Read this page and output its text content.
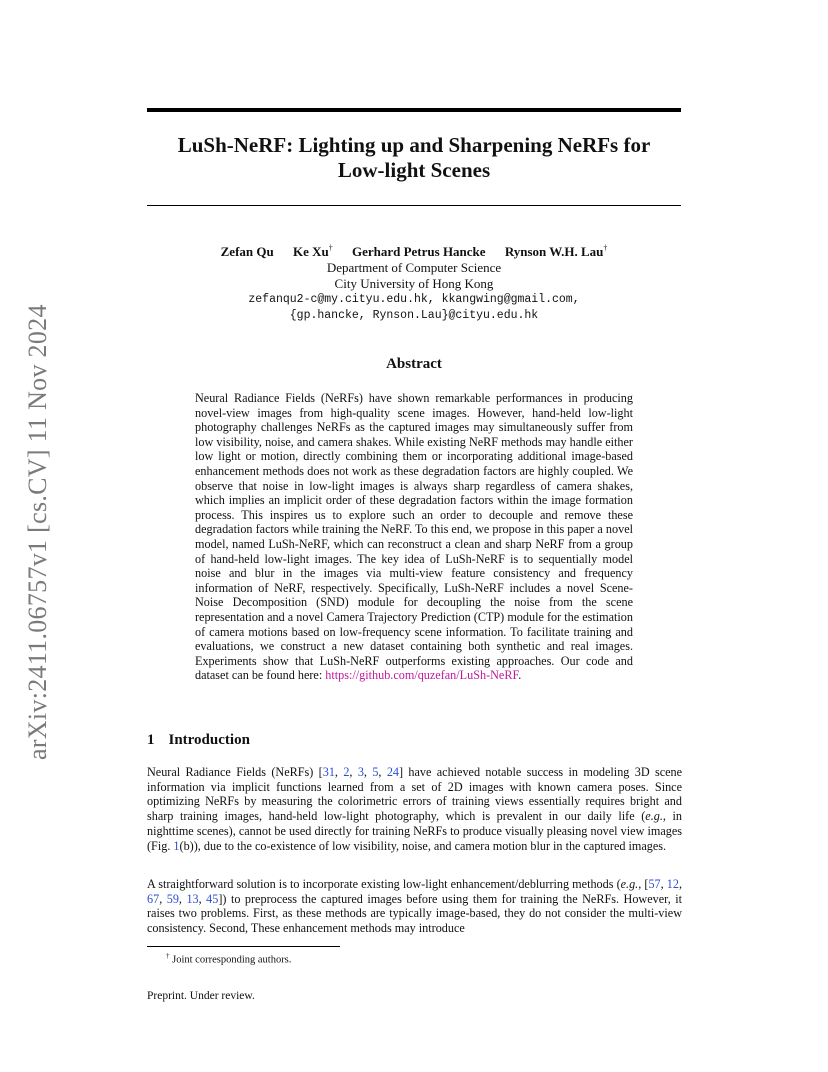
arXiv:2411.06757v1 [cs.CV] 11 Nov 2024
LuSh-NeRF: Lighting up and Sharpening NeRFs for
Low-light Scenes
Zefan Qu Ke Xu† Gerhard Petrus Hancke Rynson W.H. Lau†
Department of Computer Science
City University of Hong Kong
zefanqu2-c@my.cityu.edu.hk, kkangwing@gmail.com,
{gp.hancke, Rynson.Lau}@cityu.edu.hk
Abstract
Neural Radiance Fields (NeRFs) have shown remarkable performances in producing novel-view images from high-quality scene images. However, hand-held low-light photography challenges NeRFs as the captured images may simultaneously suffer from low visibility, noise, and camera shakes. While existing NeRF methods may handle either low light or motion, directly combining them or incorporating additional image-based enhancement methods does not work as these degradation factors are highly coupled. We observe that noise in low-light images is always sharp regardless of camera shakes, which implies an implicit order of these degradation factors within the image formation process. This inspires us to explore such an order to decouple and remove these degradation factors while training the NeRF. To this end, we propose in this paper a novel model, named LuSh-NeRF, which can reconstruct a clean and sharp NeRF from a group of hand-held low-light images. The key idea of LuSh-NeRF is to sequentially model noise and blur in the images via multi-view feature consistency and frequency information of NeRF, respectively. Specifically, LuSh-NeRF includes a novel Scene-Noise Decomposition (SND) module for decoupling the noise from the scene representation and a novel Camera Trajectory Prediction (CTP) module for the estimation of camera motions based on low-frequency scene information. To facilitate training and evaluations, we construct a new dataset containing both synthetic and real images. Experiments show that LuSh-NeRF outperforms existing approaches. Our code and dataset can be found here: https://github.com/quzefan/LuSh-NeRF.
1 Introduction
Neural Radiance Fields (NeRFs) [31, 2, 3, 5, 24] have achieved notable success in modeling 3D scene information via implicit functions learned from a set of 2D images with known camera poses. Since optimizing NeRFs by measuring the colorimetric errors of training views essentially requires bright and sharp training images, hand-held low-light photography, which is prevalent in our daily life (e.g., in nighttime scenes), cannot be used directly for training NeRFs to produce visually pleasing novel view images (Fig. 1(b)), due to the co-existence of low visibility, noise, and camera motion blur in the captured images.
A straightforward solution is to incorporate existing low-light enhancement/deblurring methods (e.g., [57, 12, 67, 59, 13, 45]) to preprocess the captured images before using them for training the NeRFs. However, it raises two problems. First, as these methods are typically image-based, they do not consider the multi-view consistency. Second, These enhancement methods may introduce
† Joint corresponding authors.
Preprint. Under review.
